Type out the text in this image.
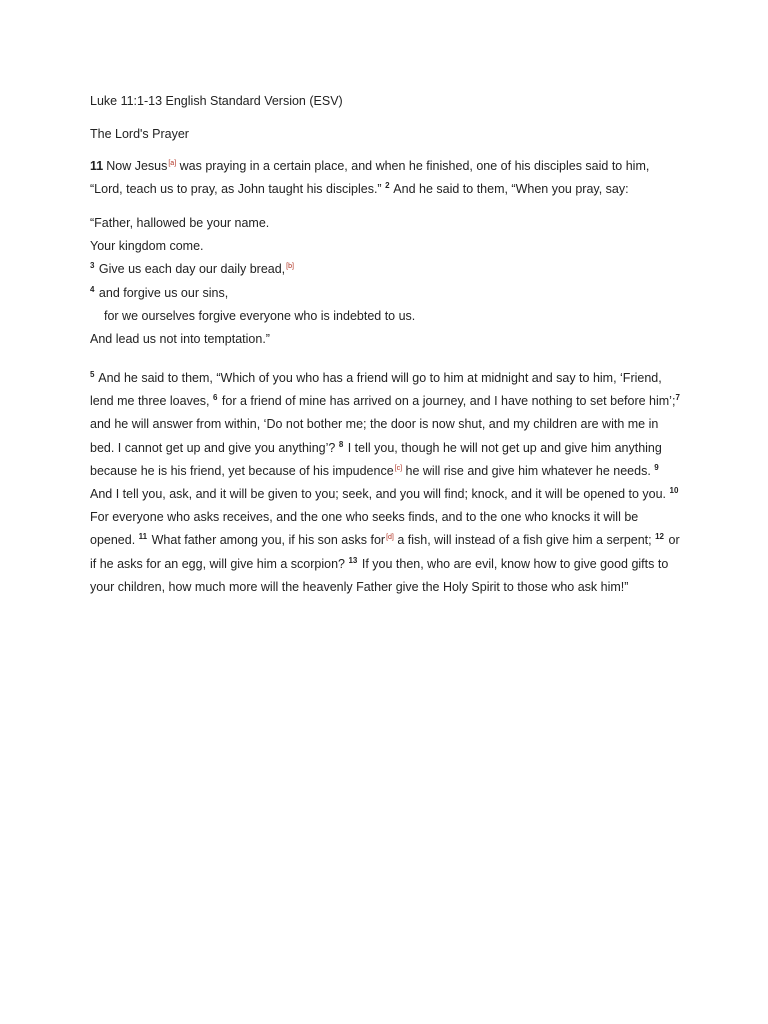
Luke 11:1-13 English Standard Version (ESV)
The Lord's Prayer
11 Now Jesus[a] was praying in a certain place, and when he finished, one of his disciples said to him,
“Lord, teach us to pray, as John taught his disciples.” $^2$ And he said to them, “When you pray, say:
“Father, hallowed be your name.
Your kingdom come.
$^3$ Give us each day our daily bread,[b]
$^4$ and forgive us our sins,
for we ourselves forgive everyone who is indebted to us.
And lead us not into temptation.”
$^5$ And he said to them, “Which of you who has a friend will go to him at midnight and say to him, ‘Friend, lend me three loaves, $^6$ for a friend of mine has arrived on a journey, and I have nothing to set before him’;$^7$ and he will answer from within, ‘Do not bother me; the door is now shut, and my children are with me in bed. I cannot get up and give you anything’? $^8$ I tell you, though he will not get up and give him anything because he is his friend, yet because of his impudence[c] he will rise and give him whatever he needs. $^9$ And I tell you, ask, and it will be given to you; seek, and you will find; knock, and it will be opened to you. $^{10}$ For everyone who asks receives, and the one who seeks finds, and to the one who knocks it will be opened. $^{11}$ What father among you, if his son asks for[d] a fish, will instead of a fish give him a serpent; $^{12}$ or if he asks for an egg, will give him a scorpion? $^{13}$ If you then, who are evil, know how to give good gifts to your children, how much more will the heavenly Father give the Holy Spirit to those who ask him!”
